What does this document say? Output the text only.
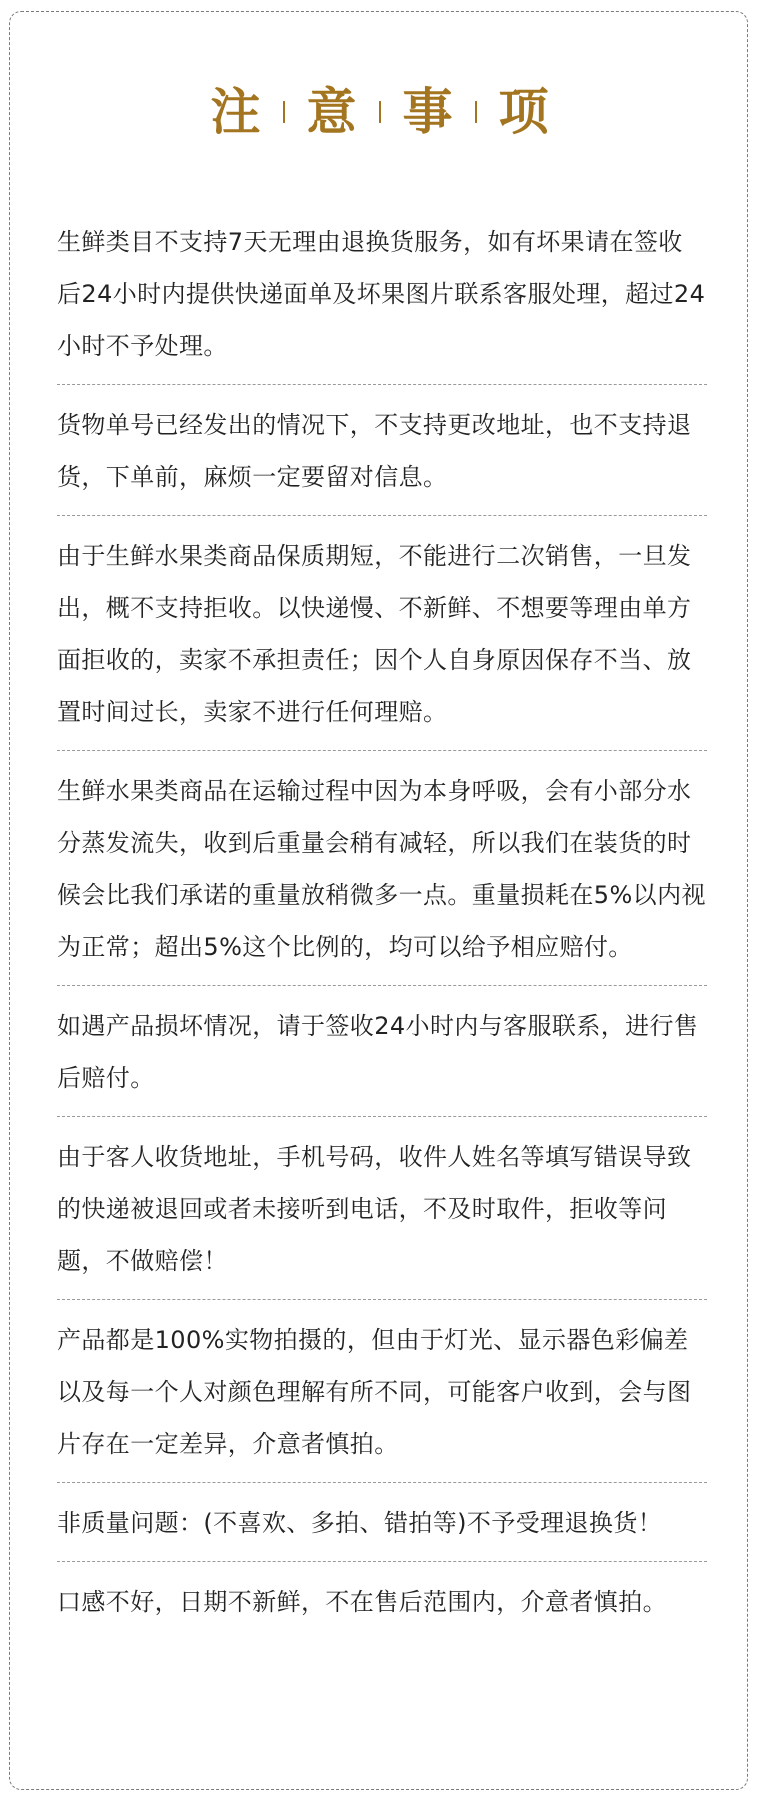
注 意 事 项
生鲜类目不支持7天无理由退换货服务，如有坏果请在签收后24小时内提供快递面单及坏果图片联系客服处理，超过24小时不予处理。
货物单号已经发出的情况下，不支持更改地址，也不支持退货，下单前，麻烦一定要留对信息。
由于生鲜水果类商品保质期短，不能进行二次销售，一旦发出，概不支持拒收。以快递慢、不新鲜、不想要等理由单方面拒收的，卖家不承担责任；因个人自身原因保存不当、放置时间过长，卖家不进行任何理赔。
生鲜水果类商品在运输过程中因为本身呼吸，会有小部分水分蒸发流失，收到后重量会稍有减轻，所以我们在装货的时候会比我们承诺的重量放稍微多一点。重量损耗在5%以内视为正常；超出5%这个比例的，均可以给予相应赔付。
如遇产品损坏情况，请于签收24小时内与客服联系，进行售后赔付。
由于客人收货地址，手机号码，收件人姓名等填写错误导致的快递被退回或者未接听到电话，不及时取件，拒收等问题，不做赔偿！
产品都是100%实物拍摄的，但由于灯光、显示器色彩偏差以及每一个人对颜色理解有所不同，可能客户收到，会与图片存在一定差异，介意者慎拍。
非质量问题：(不喜欢、多拍、错拍等)不予受理退换货！
口感不好，日期不新鲜，不在售后范围内，介意者慎拍。
